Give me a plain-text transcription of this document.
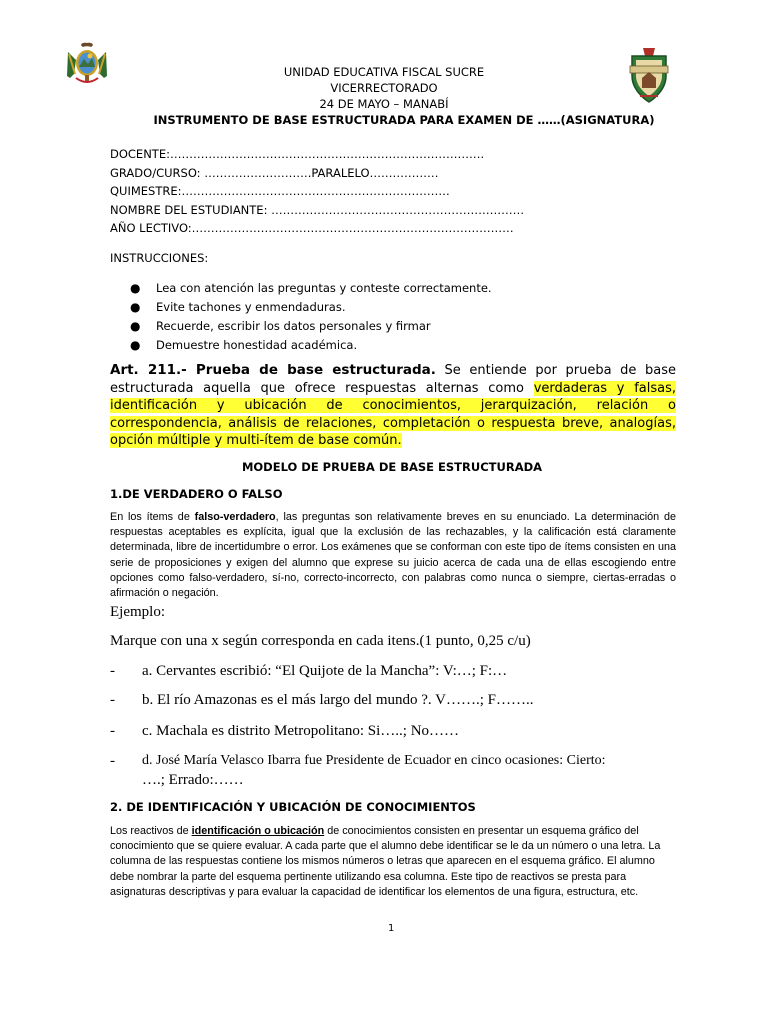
UNIDAD EDUCATIVA FISCAL SUCRE
VICERRECTORADO
24 DE MAYO – MANABÍ
INSTRUMENTO DE BASE ESTRUCTURADA PARA EXAMEN DE ……(ASIGNATURA)
DOCENTE:……………………………………………………………………….
GRADO/CURSO: ……………………….PARALELO………………
QUIMESTRE:…………………………………………………………….
NOMBRE DEL ESTUDIANTE: …………………………………………………………
AÑO LECTIVO:…………………………………………………………………………
INSTRUCCIONES:
● Lea con atención las preguntas y conteste correctamente.
● Evite tachones y enmendaduras.
● Recuerde, escribir los datos personales y firmar
● Demuestre honestidad académica.
Art. 211.- Prueba de base estructurada. Se entiende por prueba de base estructurada aquella que ofrece respuestas alternas como verdaderas y falsas, identificación y ubicación de conocimientos, jerarquización, relación o correspondencia, análisis de relaciones, completación o respuesta breve, analogías, opción múltiple y multi-ítem de base común.
MODELO DE PRUEBA DE BASE ESTRUCTURADA
1.DE VERDADERO O FALSO
En los ítems de falso-verdadero, las preguntas son relativamente breves en su enunciado. La determinación de respuestas aceptables es explícita, igual que la exclusión de las rechazables, y la calificación está claramente determinada, libre de incertidumbre o error. Los exámenes que se conforman con este tipo de ítems consisten en una serie de proposiciones y exigen del alumno que exprese su juicio acerca de cada una de ellas escogiendo entre opciones como falso-verdadero, sí-no, correcto-incorrecto, con palabras como nunca o siempre, ciertas-erradas o afirmación o negación.
Ejemplo:
Marque con una x según corresponda en cada itens.(1 punto, 0,25 c/u)
- a. Cervantes escribió: “El Quijote de la Mancha”: V:…; F:…
- b. El río Amazonas es el más largo del mundo ?. V…….; F……..
- c. Machala es distrito Metropolitano: Si…..; No……
- d. José María Velasco Ibarra fue Presidente de Ecuador en cinco ocasiones: Cierto:
….; Errado:……
2. DE IDENTIFICACIÓN Y UBICACIÓN DE CONOCIMIENTOS
Los reactivos de identificación o ubicación de conocimientos consisten en presentar un esquema gráfico del conocimiento que se quiere evaluar. A cada parte que el alumno debe identificar se le da un número o una letra. La columna de las respuestas contiene los mismos números o letras que aparecen en el esquema gráfico. El alumno debe nombrar la parte del esquema pertinente utilizando esa columna. Este tipo de reactivos se presta para asignaturas descriptivas y para evaluar la capacidad de identificar los elementos de una figura, estructura, etc.
1
